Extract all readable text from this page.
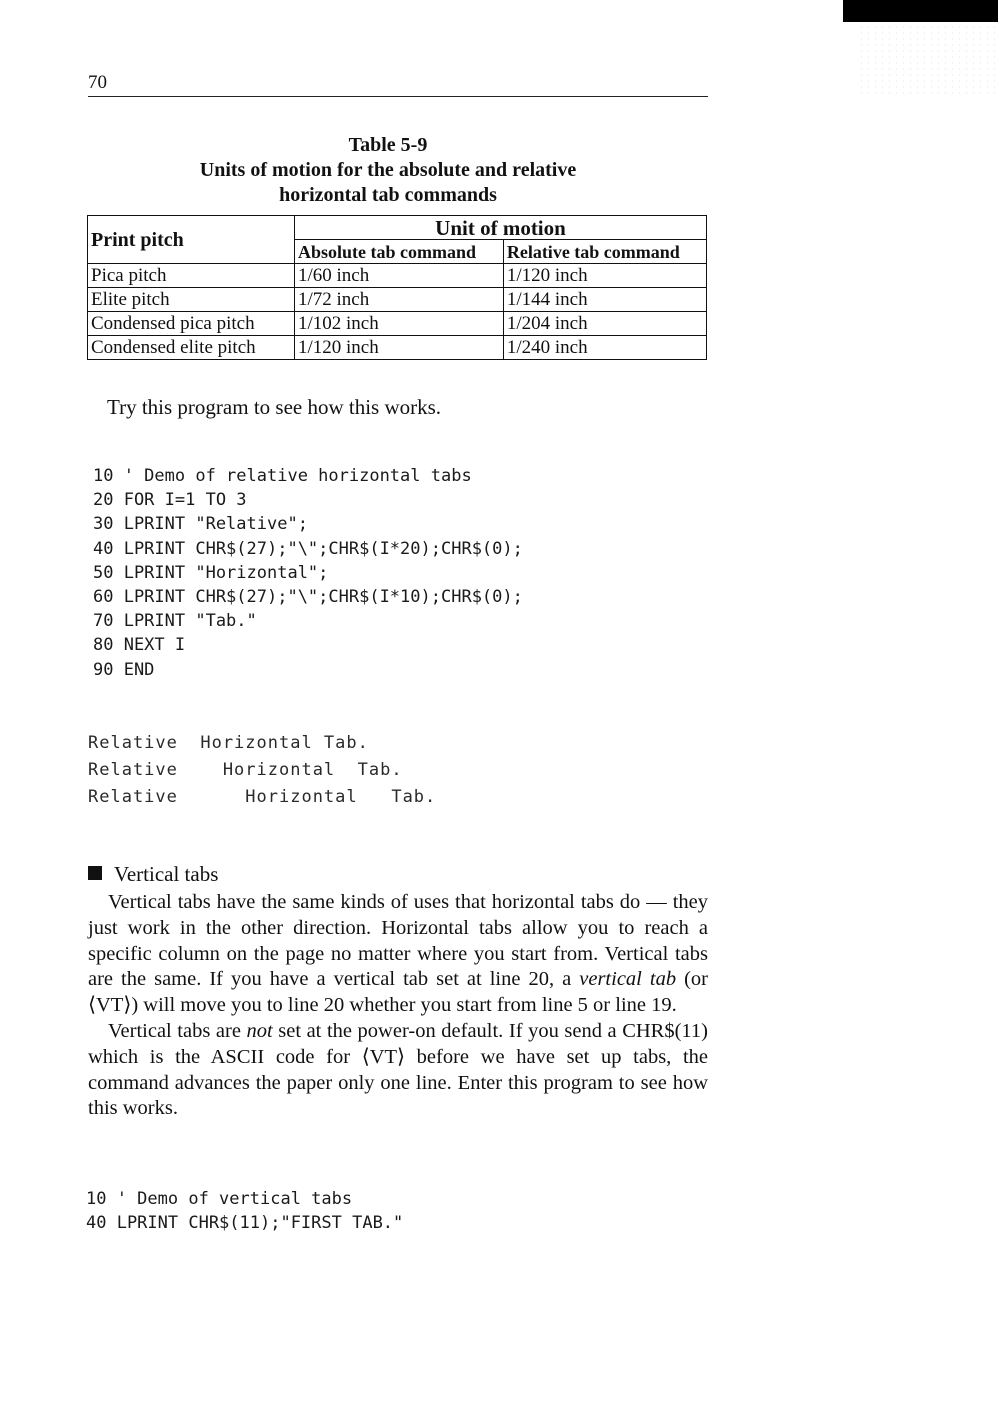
70
Table 5-9
Units of motion for the absolute and relative
horizontal tab commands
Print pitch	Unit of motion	
	Absolute tab command	Relative tab command
Pica pitch	1/60 inch	1/120 inch
Elite pitch	1/72 inch	1/144 inch
Condensed pica pitch	1/102 inch	1/204 inch
Condensed elite pitch	1/120 inch	1/240 inch
Try this program to see how this works.
10 ' Demo of relative horizontal tabs
20 FOR I=1 TO 3
30 LPRINT "Relative";
40 LPRINT CHR$(27);"\";CHR$(I*20);CHR$(0);
50 LPRINT "Horizontal";
60 LPRINT CHR$(27);"\";CHR$(I*10);CHR$(0);
70 LPRINT "Tab."
80 NEXT I
90 END
Relative  Horizontal Tab.
Relative    Horizontal  Tab.
Relative      Horizontal   Tab.
Vertical tabs

Vertical tabs have the same kinds of uses that horizontal tabs do — they just work in the other direction. Horizontal tabs allow you to reach a specific column on the page no matter where you start from. Vertical tabs are the same. If you have a vertical tab set at line 20, a vertical tab (or ⟨VT⟩) will move you to line 20 whether you start from line 5 or line 19.

Vertical tabs are not set at the power-on default. If you send a CHR$(11) which is the ASCII code for ⟨VT⟩ before we have set up tabs, the command advances the paper only one line. Enter this program to see how this works.

10 ' Demo of vertical tabs
40 LPRINT CHR$(11);"FIRST TAB."
